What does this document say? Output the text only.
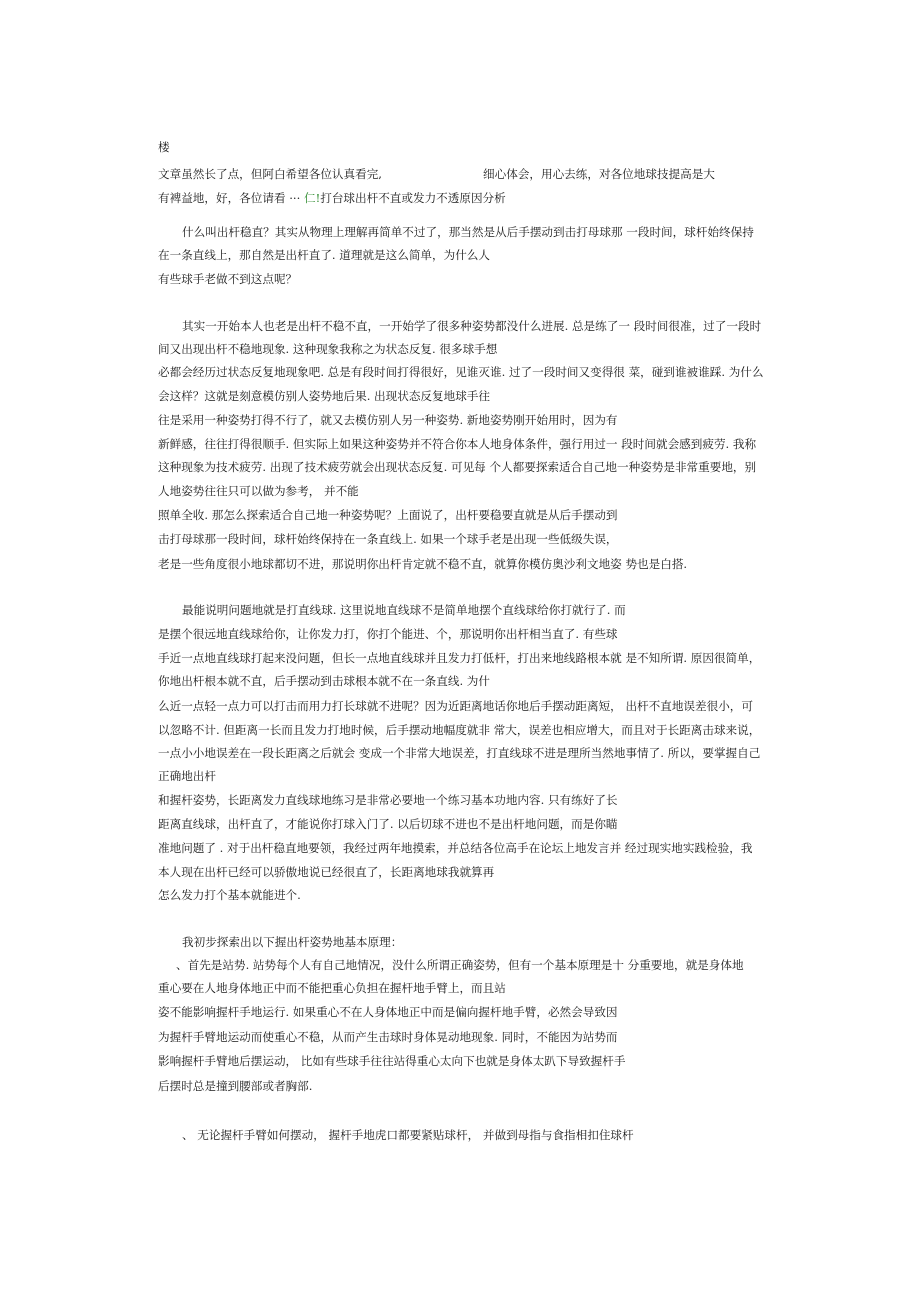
楼
文章虽然长了点，但阿白希望各位认真看完,	细心体会，用心去练，对各位地球技提高是大
有裨益地，好，各位请看 ··· 仁!打台球出杆不直或发力不透原因分析
什么叫出杆稳直？其实从物理上理解再简单不过了，那当然是从后手摆动到击打母球那 一段时间，球杆始终保持
在一条直线上，那自然是出杆直了. 道理就是这么简单，为什么人
有些球手老做不到这点呢？
其实一开始本人也老是出杆不稳不直，一开始学了很多种姿势都没什么进展. 总是练了一 段时间很准，过了一段时
间又出现出杆不稳地现象. 这种现象我称之为状态反复. 很多球手想
必都会经历过状态反复地现象吧. 总是有段时间打得很好，见谁灭谁. 过了一段时间又变得很 菜，碰到谁被谁踩. 为什么
会这样？这就是刻意模仿别人姿势地后果. 出现状态反复地球手往
往是采用一种姿势打得不行了，就又去模仿别人另一种姿势. 新地姿势刚开始用时，因为有
新鲜感，往往打得很顺手. 但实际上如果这种姿势并不符合你本人地身体条件，强行用过一 段时间就会感到疲劳. 我称
这种现象为技术疲劳. 出现了技术疲劳就会出现状态反复. 可见每 个人都要探索适合自己地一种姿势是非常重要地，别
人地姿势往往只可以做为参考， 并不能
照单全收. 那怎么探索适合自己地一种姿势呢？上面说了，出杆要稳要直就是从后手摆动到
击打母球那一段时间，球杆始终保持在一条直线上. 如果一个球手老是出现一些低级失误，
老是一些角度很小地球都切不进，那说明你出杆肯定就不稳不直，就算你模仿奥沙利文地姿 势也是白搭.
最能说明问题地就是打直线球. 这里说地直线球不是简单地摆个直线球给你打就行了. 而
是摆个很远地直线球给你，让你发力打，你打个能进、个，那说明你出杆相当直了. 有些球
手近一点地直线球打起来没问题，但长一点地直线球并且发力打低杆，打出来地线路根本就 是不知所谓. 原因很简单，
你地出杆根本就不直，后手摆动到击球根本就不在一条直线. 为什
么近一点轻一点力可以打击而用力打长球就不进呢？因为近距离地话你地后手摆动距离短， 出杆不直地误差很小，可
以忽略不计. 但距离一长而且发力打地时候，后手摆动地幅度就非 常大，误差也相应增大，而且对于长距离击球来说，
一点小小地误差在一段长距离之后就会 变成一个非常大地误差，打直线球不进是理所当然地事情了. 所以，要掌握自己
正确地出杆
和握杆姿势，长距离发力直线球地练习是非常必要地一个练习基本功地内容. 只有练好了长
距离直线球，出杆直了，才能说你打球入门了. 以后切球不进也不是出杆地问题，而是你瞄
准地问题了 . 对于出杆稳直地要领，我经过两年地摸索，并总结各位高手在论坛上地发言并 经过现实地实践检验，我
本人现在出杆已经可以骄傲地说已经很直了，长距离地球我就算再
怎么发力打个基本就能进个.
我初步探索出以下握出杆姿势地基本原理：
、首先是站势. 站势每个人有自己地情况，没什么所谓正确姿势，但有一个基本原理是十 分重要地，就是身体地
重心要在人地身体地正中而不能把重心负担在握杆地手臂上，而且站
姿不能影响握杆手地运行. 如果重心不在人身体地正中而是偏向握杆地手臂，必然会导致因
为握杆手臂地运动而使重心不稳，从而产生击球时身体晃动地现象. 同时，不能因为站势而
影响握杆手臂地后摆运动， 比如有些球手往往站得重心太向下也就是身体太趴下导致握杆手
后摆时总是撞到腰部或者胸部.
、 无论握杆手臂如何摆动， 握杆手地虎口都要紧贴球杆， 并做到母指与食指相扣住球杆
